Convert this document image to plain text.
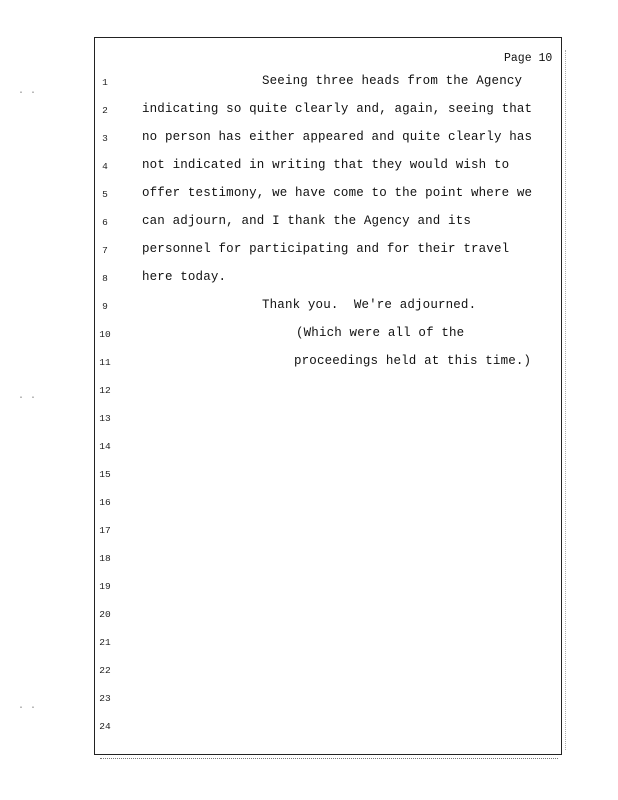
· ·
· ·
· ·
Page 10
1
2
3
4
5
6
7
8
9
10
11
12
13
14
15
16
17
18
19
20
21
22
23
24
Seeing three heads from the Agency
indicating so quite clearly and, again, seeing that
no person has either appeared and quite clearly has
not indicated in writing that they would wish to
offer testimony, we have come to the point where we
can adjourn, and I thank the Agency and its
personnel for participating and for their travel
here today.
Thank you.  We're adjourned.
(Which were all of the
proceedings held at this time.)
